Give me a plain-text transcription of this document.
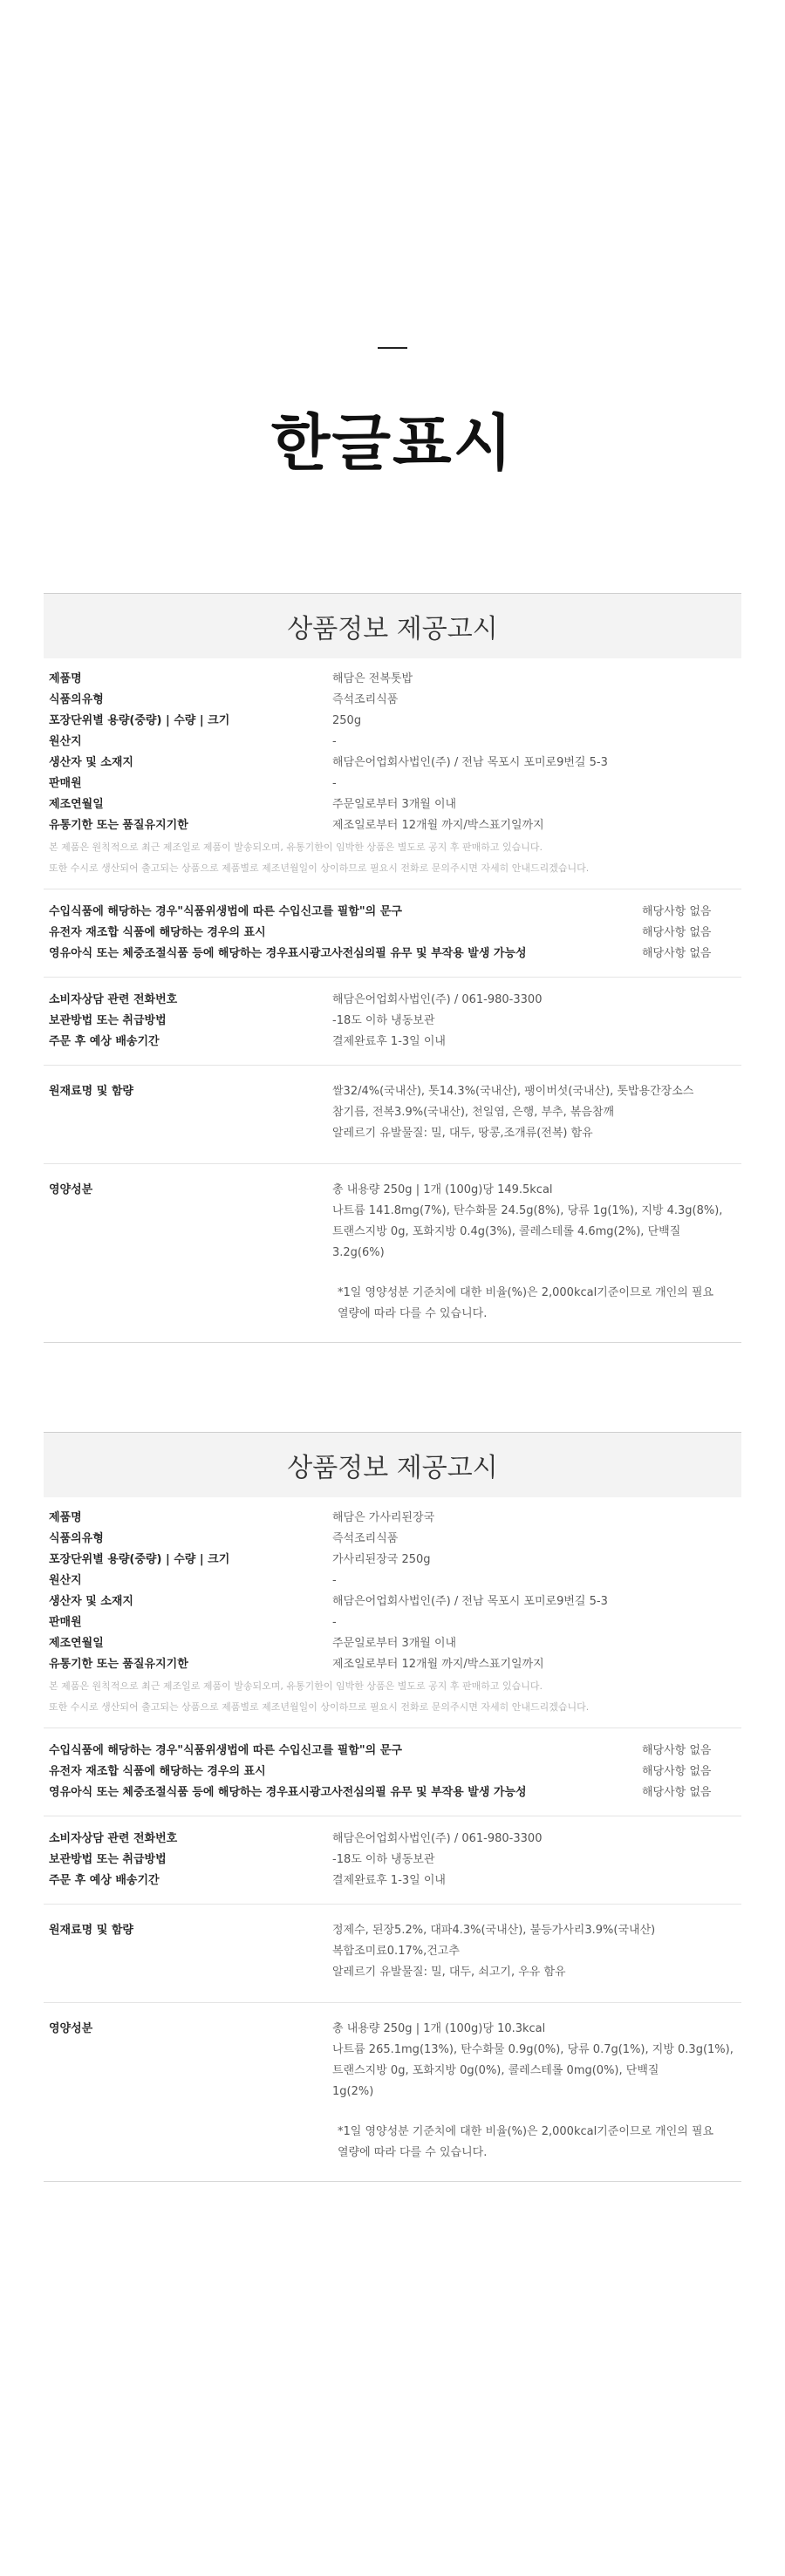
한글표시
상품정보 제공고시
제품명	해담은 전복톳밥
식품의유형	즉석조리식품
포장단위별 용량(중량) | 수량 | 크기	250g
원산지	-
생산자 및 소재지	해담은어업회사법인(주) / 전남 목포시 포미로9번길 5-3
판매원	-
제조연월일	주문일로부터 3개월 이내
유통기한 또는 품질유지기한	제조일로부터 12개월 까지/박스표기일까지
본 제품은 원칙적으로 최근 제조일로 제품이 발송되오며, 유통기한이 임박한 상품은 별도로 공지 후 판매하고 있습니다.
또한 수시로 생산되어 출고되는 상품으로 제품별로 제조년월일이 상이하므로 필요시 전화로 문의주시면 자세히 안내드리겠습니다.
수입식품에 해당하는 경우"식품위생법에 따른 수입신고를 필함"의 문구	해당사항 없음
유전자 재조합 식품에 해당하는 경우의 표시	해당사항 없음
영유아식 또는 체중조절식품 등에 해당하는 경우표시광고사전심의필 유무 및 부작용 발생 가능성	해당사항 없음
소비자상담 관련 전화번호	해담은어업회사법인(주) / 061-980-3300
보관방법 또는 취급방법	-18도 이하 냉동보관
주문 후 예상 배송기간	결제완료후 1-3일 이내
원재료명 및 함량	쌀32/4%(국내산), 톳14.3%(국내산), 팽이버섯(국내산), 톳밥용간장소스

참기름, 전복3.9%(국내산), 천일염, 은행, 부추, 볶음참깨

알레르기 유발물질: 밀, 대두, 땅콩,조개류(전복) 함유

영양성분	총 내용량 250g | 1개 (100g)당 149.5kcal

나트륨 141.8mg(7%), 탄수화물 24.5g(8%), 당류 1g(1%), 지방 4.3g(8%),

트랜스지방 0g, 포화지방 0.4g(3%), 콜레스테롤 4.6mg(2%), 단백질

3.2g(6%)

*1일 영양성분 기준치에 대한 비율(%)은 2,000kcal기준이므로 개인의 필요

열량에 따라 다를 수 있습니다.

상품정보 제공고시
제품명	해담은 가사리된장국
식품의유형	즉석조리식품
포장단위별 용량(중량) | 수량 | 크기	가사리된장국 250g
원산지	-
생산자 및 소재지	해담은어업회사법인(주) / 전남 목포시 포미로9번길 5-3
판매원	-
제조연월일	주문일로부터 3개월 이내
유통기한 또는 품질유지기한	제조일로부터 12개월 까지/박스표기일까지
본 제품은 원칙적으로 최근 제조일로 제품이 발송되오며, 유통기한이 임박한 상품은 별도로 공지 후 판매하고 있습니다.
또한 수시로 생산되어 출고되는 상품으로 제품별로 제조년월일이 상이하므로 필요시 전화로 문의주시면 자세히 안내드리겠습니다.
수입식품에 해당하는 경우"식품위생법에 따른 수입신고를 필함"의 문구	해당사항 없음
유전자 재조합 식품에 해당하는 경우의 표시	해당사항 없음
영유아식 또는 체중조절식품 등에 해당하는 경우표시광고사전심의필 유무 및 부작용 발생 가능성	해당사항 없음
소비자상담 관련 전화번호	해담은어업회사법인(주) / 061-980-3300
보관방법 또는 취급방법	-18도 이하 냉동보관
주문 후 예상 배송기간	결제완료후 1-3일 이내
원재료명 및 함량	정제수, 된장5.2%, 대파4.3%(국내산), 불등가사리3.9%(국내산)

복합조미료0.17%,건고추

알레르기 유발물질: 밀, 대두, 쇠고기, 우유 함유

영양성분	총 내용량 250g | 1개 (100g)당 10.3kcal

나트륨 265.1mg(13%), 탄수화물 0.9g(0%), 당류 0.7g(1%), 지방 0.3g(1%),

트랜스지방 0g, 포화지방 0g(0%), 콜레스테롤 0mg(0%), 단백질

1g(2%)

*1일 영양성분 기준치에 대한 비율(%)은 2,000kcal기준이므로 개인의 필요

열량에 따라 다를 수 있습니다.
